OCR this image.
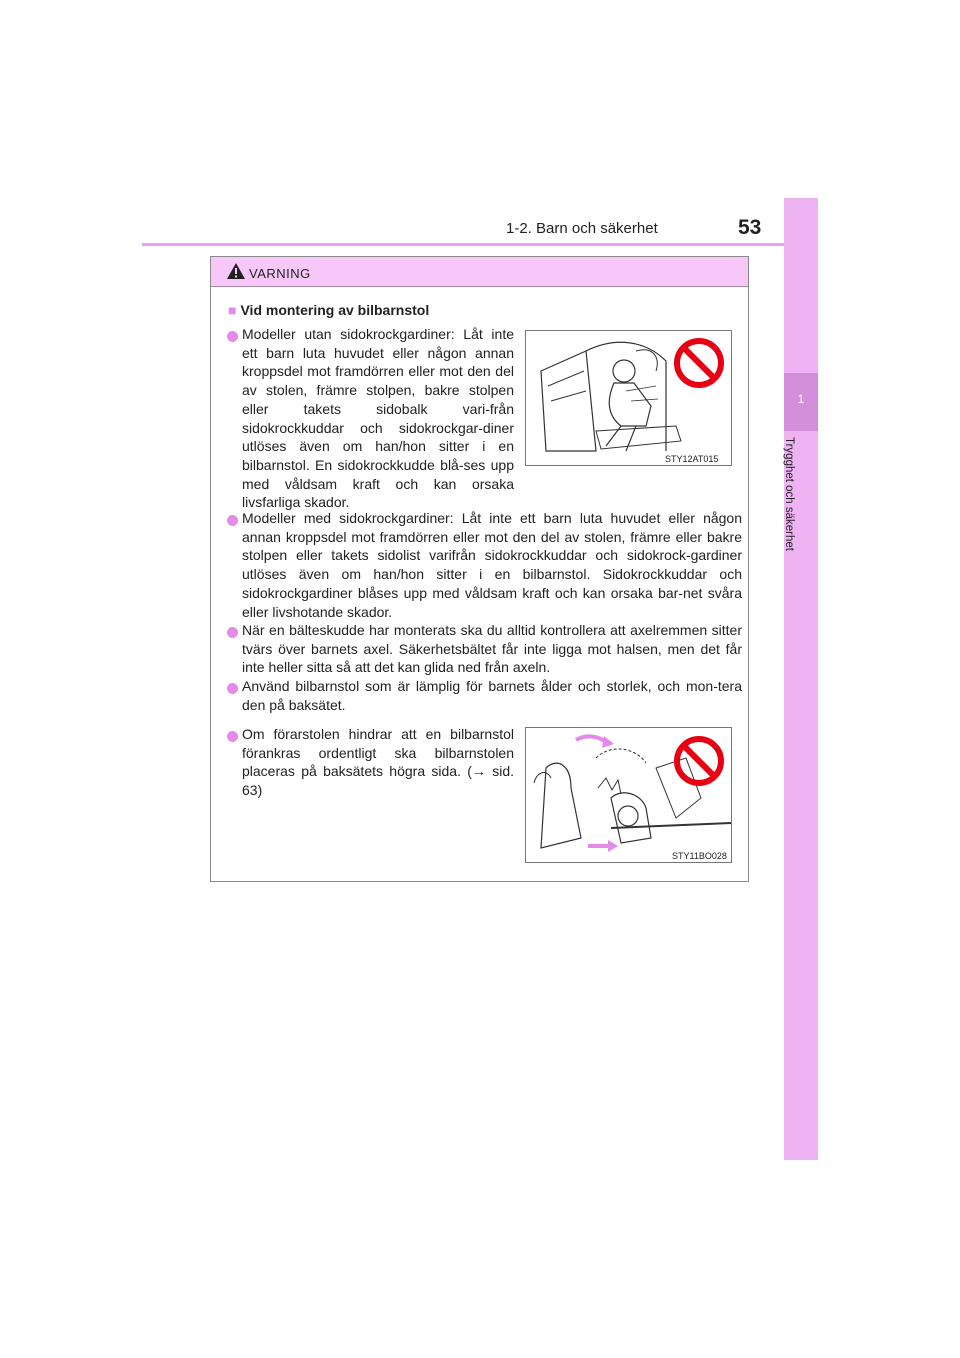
1-2. Barn och säkerhet	53
1
Trygghet och säkerhet
VARNING
■ Vid montering av bilbarnstol
Modeller utan sidokrockgardiner: Låt inte ett barn luta huvudet eller någon annan kroppsdel mot framdörren eller mot den del av stolen, främre stolpen, bakre stolpen eller takets sidobalk vari-från sidokrockkuddar och sidokrockgar-diner utlöses även om han/hon sitter i en bilbarnstol. En sidokrockkudde blå-ses upp med våldsam kraft och kan orsaka livsfarliga skador.
STY12AT015
Modeller med sidokrockgardiner: Låt inte ett barn luta huvudet eller någon annan kroppsdel mot framdörren eller mot den del av stolen, främre eller bakre stolpen eller takets sidolist varifrån sidokrockkuddar och sidokrock-gardiner utlöses även om han/hon sitter i en bilbarnstol. Sidokrockkuddar och sidokrockgardiner blåses upp med våldsam kraft och kan orsaka bar-net svåra eller livshotande skador.
När en bälteskudde har monterats ska du alltid kontrollera att axelremmen sitter tvärs över barnets axel. Säkerhetsbältet får inte ligga mot halsen, men det får inte heller sitta så att det kan glida ned från axeln.
Använd bilbarnstol som är lämplig för barnets ålder och storlek, och mon-tera den på baksätet.
Om förarstolen hindrar att en bilbarnstol förankras ordentligt ska bilbarnstolen placeras på baksätets högra sida. (→ sid. 63)
STY11BO028
